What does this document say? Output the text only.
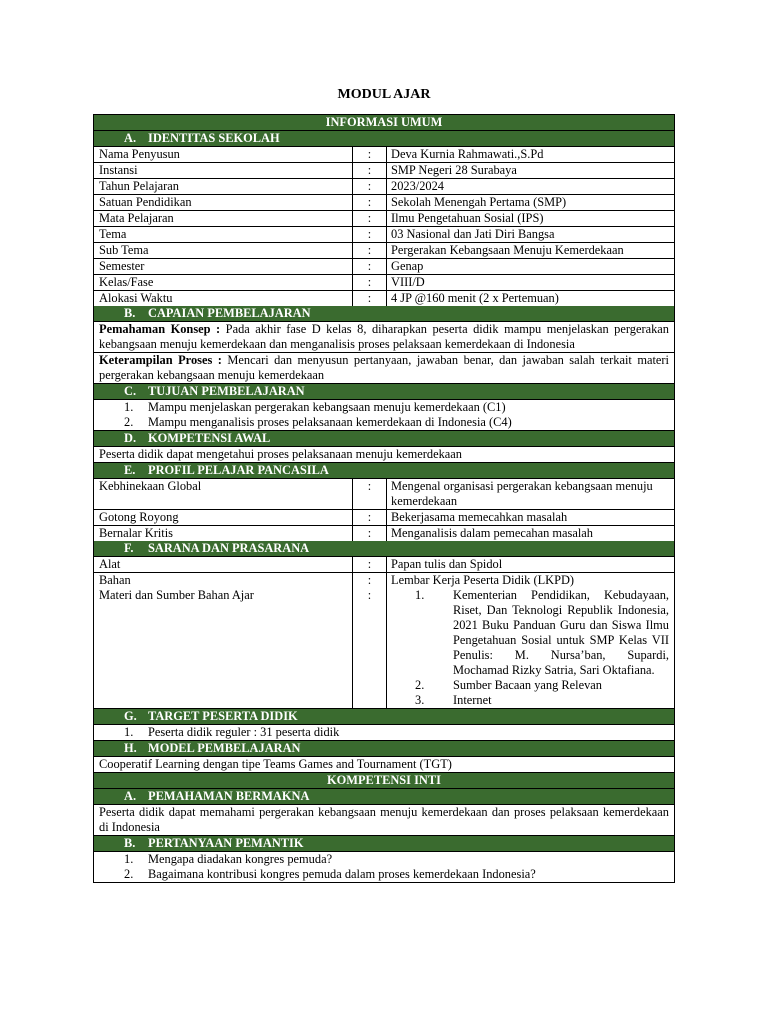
MODUL AJAR
INFORMASI UMUM
A. IDENTITAS SEKOLAH
Nama Penyusun	:	Deva Kurnia Rahmawati.,S.Pd
Instansi	:	SMP Negeri 28 Surabaya
Tahun Pelajaran	:	2023/2024
Satuan Pendidikan	:	Sekolah Menengah Pertama (SMP)
Mata Pelajaran	:	Ilmu Pengetahuan Sosial (IPS)
Tema	:	03 Nasional dan Jati Diri Bangsa
Sub Tema	:	Pergerakan Kebangsaan Menuju Kemerdekaan
Semester	:	Genap
Kelas/Fase	:	VIII/D
Alokasi Waktu	:	4 JP @160 menit (2 x Pertemuan)
B. CAPAIAN PEMBELAJARAN
Pemahaman Konsep : Pada akhir fase D kelas 8, diharapkan peserta didik mampu menjelaskan pergerakan kebangsaan menuju kemerdekaan dan menganalisis proses pelaksaan kemerdekaan di Indonesia
Keterampilan Proses : Mencari dan menyusun pertanyaan, jawaban benar, dan jawaban salah terkait materi pergerakan kebangsaan menuju kemerdekaan
C. TUJUAN PEMBELAJARAN
1.	Mampu menjelaskan pergerakan kebangsaan menuju kemerdekaan (C1)
2.	Mampu menganalisis proses pelaksanaan kemerdekaan di Indonesia (C4)
D. KOMPETENSI AWAL
Peserta didik dapat mengetahui proses pelaksanaan menuju kemerdekaan
E. PROFIL PELAJAR PANCASILA
Kebhinekaan Global	:	Mengenal organisasi pergerakan kebangsaan menuju kemerdekaan
Gotong Royong	:	Bekerjasama memecahkan masalah
Bernalar Kritis	:	Menganalisis dalam pemecahan masalah
F. SARANA DAN PRASARANA
Alat	:	Papan tulis dan Spidol
Bahan	:	Lembar Kerja Peserta Didik (LKPD)
Materi dan Sumber Bahan Ajar	:	1.	Kementerian Pendidikan, Kebudayaan, Riset, Dan Teknologi Republik Indonesia, 2021 Buku Panduan Guru dan Siswa Ilmu Pengetahuan Sosial untuk SMP Kelas VII Penulis: M. Nursa’ban, Supardi, Mochamad Rizky Satria, Sari Oktafiana.
2.	Sumber Bacaan yang Relevan
3.	Internet
G. TARGET PESERTA DIDIK
1.	Peserta didik reguler : 31 peserta didik
H. MODEL PEMBELAJARAN
Cooperatif Learning dengan tipe Teams Games and Tournament (TGT)
KOMPETENSI INTI
A. PEMAHAMAN BERMAKNA
Peserta didik dapat memahami pergerakan kebangsaan menuju kemerdekaan dan proses pelaksaan kemerdekaan di Indonesia
B. PERTANYAAN PEMANTIK
1.	Mengapa diadakan kongres pemuda?
2.	Bagaimana kontribusi kongres pemuda dalam proses kemerdekaan Indonesia?
